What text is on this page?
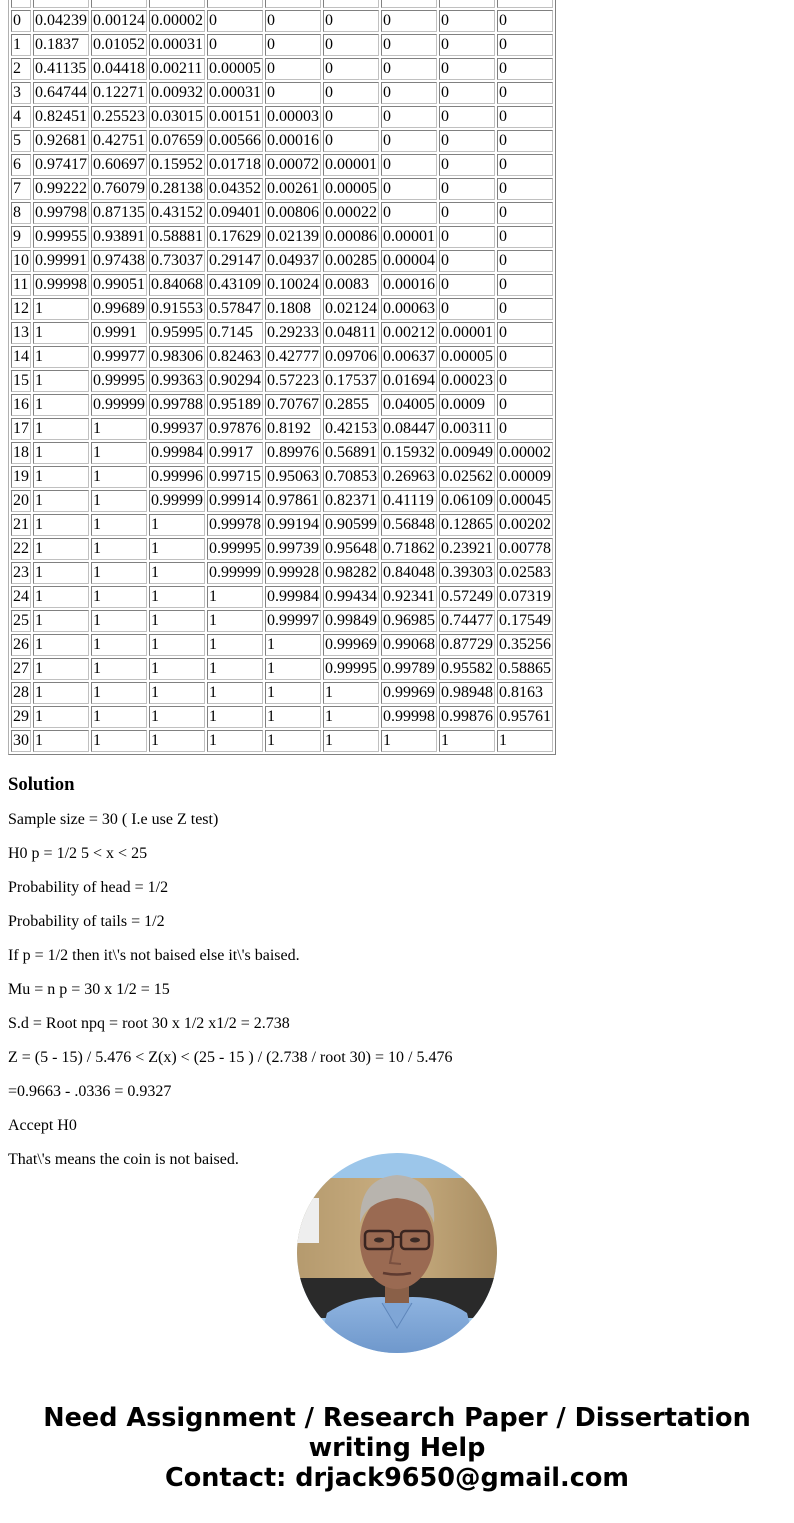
0	0.04239	0.00124	0.00002	0	0	0	0	0	0
1	0.1837	0.01052	0.00031	0	0	0	0	0	0
2	0.41135	0.04418	0.00211	0.00005	0	0	0	0	0
3	0.64744	0.12271	0.00932	0.00031	0	0	0	0	0
4	0.82451	0.25523	0.03015	0.00151	0.00003	0	0	0	0
5	0.92681	0.42751	0.07659	0.00566	0.00016	0	0	0	0
6	0.97417	0.60697	0.15952	0.01718	0.00072	0.00001	0	0	0
7	0.99222	0.76079	0.28138	0.04352	0.00261	0.00005	0	0	0
8	0.99798	0.87135	0.43152	0.09401	0.00806	0.00022	0	0	0
9	0.99955	0.93891	0.58881	0.17629	0.02139	0.00086	0.00001	0	0
10	0.99991	0.97438	0.73037	0.29147	0.04937	0.00285	0.00004	0	0
11	0.99998	0.99051	0.84068	0.43109	0.10024	0.0083	0.00016	0	0
12	1	0.99689	0.91553	0.57847	0.1808	0.02124	0.00063	0	0
13	1	0.9991	0.95995	0.7145	0.29233	0.04811	0.00212	0.00001	0
14	1	0.99977	0.98306	0.82463	0.42777	0.09706	0.00637	0.00005	0
15	1	0.99995	0.99363	0.90294	0.57223	0.17537	0.01694	0.00023	0
16	1	0.99999	0.99788	0.95189	0.70767	0.2855	0.04005	0.0009	0
17	1	1	0.99937	0.97876	0.8192	0.42153	0.08447	0.00311	0
18	1	1	0.99984	0.9917	0.89976	0.56891	0.15932	0.00949	0.00002
19	1	1	0.99996	0.99715	0.95063	0.70853	0.26963	0.02562	0.00009
20	1	1	0.99999	0.99914	0.97861	0.82371	0.41119	0.06109	0.00045
21	1	1	1	0.99978	0.99194	0.90599	0.56848	0.12865	0.00202
22	1	1	1	0.99995	0.99739	0.95648	0.71862	0.23921	0.00778
23	1	1	1	0.99999	0.99928	0.98282	0.84048	0.39303	0.02583
24	1	1	1	1	0.99984	0.99434	0.92341	0.57249	0.07319
25	1	1	1	1	0.99997	0.99849	0.96985	0.74477	0.17549
26	1	1	1	1	1	0.99969	0.99068	0.87729	0.35256
27	1	1	1	1	1	0.99995	0.99789	0.95582	0.58865
28	1	1	1	1	1	1	0.99969	0.98948	0.8163
29	1	1	1	1	1	1	0.99998	0.99876	0.95761
30	1	1	1	1	1	1	1	1	1
Solution

Sample size = 30 ( I.e use Z test)

H0 p = 1/2 5 < x < 25

Probability of head = 1/2

Probability of tails = 1/2

If p = 1/2 then it\'s not baised else it\'s baised.

Mu = n p = 30 x 1/2 = 15

S.d = Root npq = root 30 x 1/2 x1/2 = 2.738

Z = (5 - 15) / 5.476 < Z(x) < (25 - 15 ) / (2.738 / root 30) = 10 / 5.476

=0.9663 - .0336 = 0.9327

Accept H0

That\'s means the coin is not baised.

Need Assignment / Research Paper / Dissertation
writing Help
Contact: drjack9650@gmail.com
